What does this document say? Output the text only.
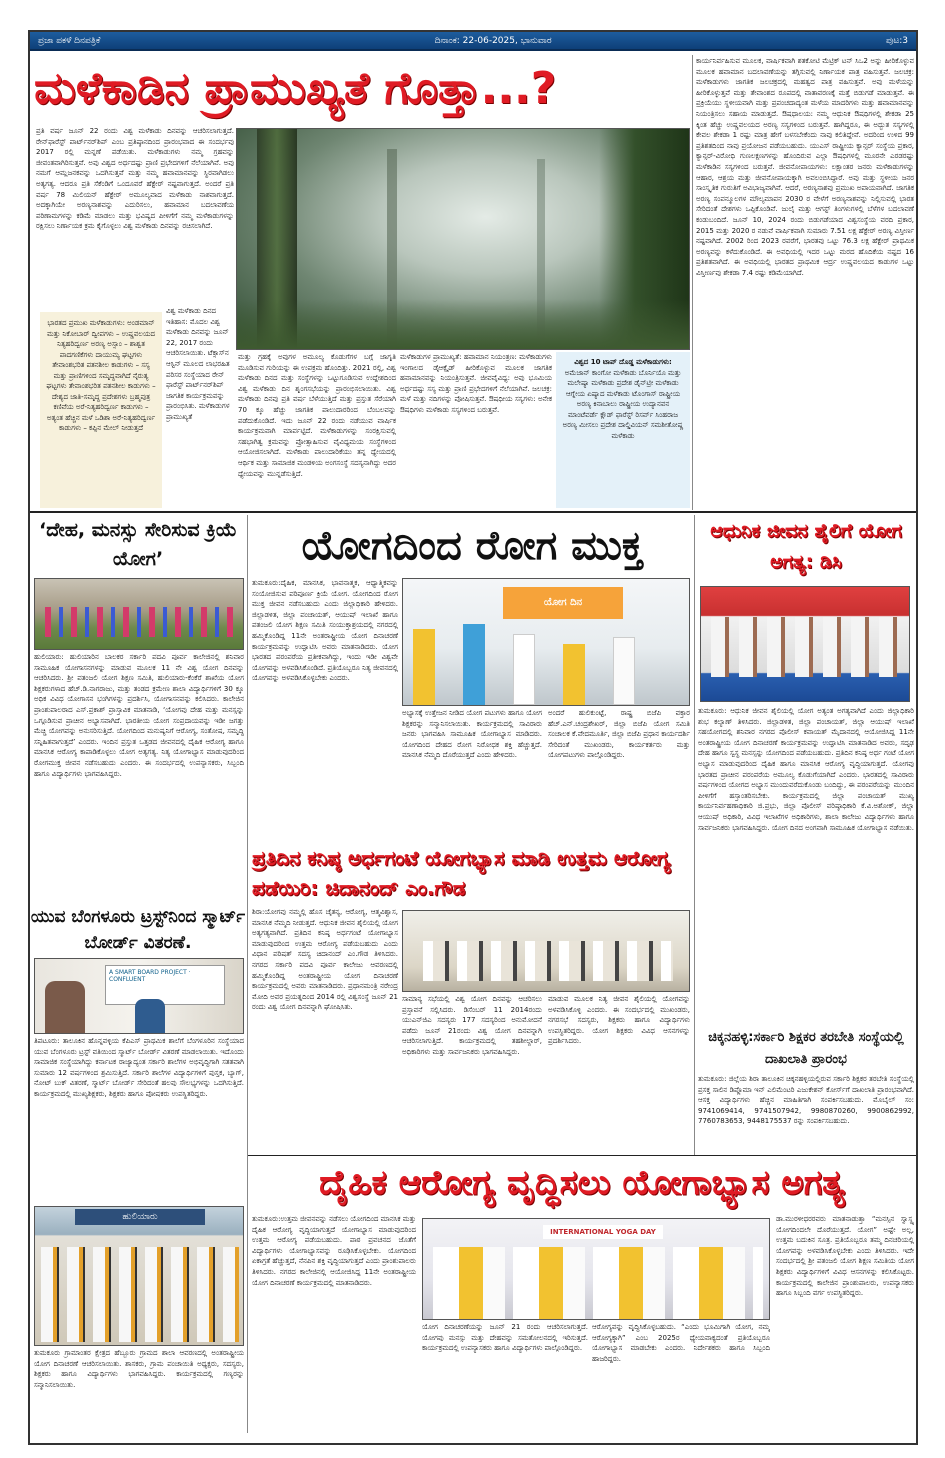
ಪ್ರಜಾ ಪಕಳೆ ದಿನಪತ್ರಿಕೆ	ದಿನಾಂಕ: 22-06-2025, ಭಾನುವಾರ	ಪುಟ:3
ಮಳೆಕಾಡಿನ ಪ್ರಾಮುಖ್ಯತೆ ಗೊತ್ತಾ...?
ಪ್ರತಿ ವರ್ಷ ಜೂನ್ 22 ರಂದು ವಿಶ್ವ ಮಳೆಕಾಡು ದಿನವನ್ನು ಆಚರಿಸಲಾಗುತ್ತದೆ. ರೇನ್‌ಫಾರೆಸ್ಟ್ ಪಾರ್ಟ್‌ನರ್‌ಶಿಪ್ ಎಂಬ ಪ್ರತಿಷ್ಠಾನದಿಂದ ಪ್ರಾರಂಭವಾದ ಈ ಸಂದರ್ಭವು 2017 ರಲ್ಲಿ ಮನ್ನಣೆ ಪಡೆಯಿತು. ಮಳೆಕಾಡುಗಳು ನಮ್ಮ ಗ್ರಹವನ್ನು ಜೀವಂತವಾಗಿರಿಸುತ್ತವೆ. ಅವು ವಿಶ್ವದ ಅರ್ಧದಷ್ಟು ಪ್ರಾಣಿ ಪ್ರಭೇದಗಳಿಗೆ ನೆಲೆಯಾಗಿವೆ. ಅವು ನಮಗೆ ಆಮ್ಲಜನಕವನ್ನು ಒದಗಿಸುತ್ತವೆ ಮತ್ತು ನಮ್ಮ ಹವಾಮಾನವನ್ನು ಸ್ಥಿರವಾಗಿಡಲು ಅತ್ಯಗತ್ಯ. ಆದರೂ ಪ್ರತಿ ಸೆಕೆಂಡಿಗೆ ಒಂದೂವರೆ ಹೆಕ್ಟೇರ್ ನಷ್ಟವಾಗುತ್ತದೆ. ಅಂದರೆ ಪ್ರತಿ ವರ್ಷ 78 ಮಿಲಿಯನ್ ಹೆಕ್ಟೇರ್ ಅಮೂಲ್ಯವಾದ ಮಳೆಕಾಡು ನಾಶವಾಗುತ್ತದೆ. ಅದಕ್ಕಾಗಿಯೇ ಅರಣ್ಯನಾಶವನ್ನು ಎದುರಿಸಲು, ಹವಾಮಾನ ಬದಲಾವಣೆಯ ಪರಿಣಾಮಗಳನ್ನು ಕಡಿಮೆ ಮಾಡಲು ಮತ್ತು ಭವಿಷ್ಯದ ಪೀಳಿಗೆಗೆ ನಮ್ಮ ಮಳೆಕಾಡುಗಳನ್ನು ರಕ್ಷಿಸಲು ನಿರ್ಣಾಯಕ ಕ್ರಮ ಕೈಗೊಳ್ಳಲು ವಿಶ್ವ ಮಳೆಕಾಡು ದಿನವನ್ನು ರಚಿಸಲಾಗಿದೆ.
ಭಾರತದ ಪ್ರಮುಖ ಮಳೆಕಾಡುಗಳು: ಅಂಡಮಾನ್ ಮತ್ತು ನಿಕೋಬಾರ್ ದ್ವೀಪಗಳು – ಉಷ್ಣವಲಯದ ನಿತ್ಯಹರಿದ್ವರ್ಣ ಅರಣ್ಯ ಅಸ್ಸಾಂ – ಶಾಶ್ವತ ಪಾದಗಣಿಕೆಗಳು ದಾಯುಮ್ಯ ಘಟ್ಟಗಳು ತೇವಾಂಶಭರಿತ ಪತನಶೀಲ ಕಾಡುಗಳು – ಸಸ್ಯ ಮತ್ತು ಪ್ರಾಣಿಗಳಿಂದ ಸಮೃದ್ಧವಾಗಿದೆ ನೈರುತ್ಯ ಘಟ್ಟಗಳು ತೇವಾಂಶಭರಿತ ಪತನಶೀಲ ಕಾಡುಗಳು – ದೇಶ್ಯದ ಜಾತಿ-ಸಮೃದ್ಧ ಪ್ರದೇಶಗಳು ಬ್ರಹ್ಮಪುತ್ರ ಕಣಿವೆಯ ಅರೆ-ನಿತ್ಯಹರಿದ್ವರ್ಣ ಕಾಡುಗಳು – ಅತ್ಯಂತ ಹೆಚ್ಚಿನ ಮಳೆ ಒಡಿಶಾ ಅರೆ-ನಿತ್ಯಹರಿದ್ವರ್ಣ ಕಾಡುಗಳು – ಕಪ್ಪಿನ ಮೇಲ್ ನೀಡುತ್ತದೆ
ವಿಶ್ವ ಮಳೆಕಾಡು ದಿನದ ಇತಿಹಾಸ: ಮೊದಲ ವಿಶ್ವ ಮಳೆಕಾಡು ದಿನವನ್ನು ಜೂನ್ 22, 2017 ರಂದು ಆಚರಿಸಲಾಯಿತು. ಟೆಕ್ಸಾಸ್‌ನ ಆಸ್ಟಿನ್ ಮೂಲದ ಲಾಭರಹಿತ ಪರಿಸರ ಸಂಸ್ಥೆಯಾದ ರೇನ್ ಫಾರೆಸ್ಟ್ ಪಾರ್ಟ್‌ನರ್‌ಶಿಪ್ ಜಾಗತಿಕ ಕಾರ್ಯಕ್ರಮವನ್ನು ಪ್ರಾರಂಭಿಸಿತು. ಮಳೆಕಾಡುಗಳ ಪ್ರಾಮುಖ್ಯತೆ
ಮತ್ತು ಗ್ರಹಕ್ಕೆ ಅವುಗಳ ಅಮೂಲ್ಯ ಕೊಡುಗೆಗಳ ಬಗ್ಗೆ ಜಾಗೃತಿ ಮೂಡಿಸುವ ಗುರಿಯನ್ನು ಈ ಉಪಕ್ರಮ ಹೊಂದಿತ್ತು. 2021 ರಲ್ಲಿ, ವಿಶ್ವ ಮಳೆಕಾಡು ದಿನದ ಮತ್ತು ಸಂಸ್ಥೆಗಳನ್ನು ಒಟ್ಟುಗೂಡಿಸುವ ಉದ್ದೇಶದಿಂದ ವಿಶ್ವ ಮಳೆಕಾಡು ದಿನ ಶೃಂಗಸಭೆಯನ್ನು ಪ್ರಾರಂಭಿಸಲಾಯಿತು. ವಿಶ್ವ ಮಳೆಕಾಡು ದಿನವು ಪ್ರತಿ ವರ್ಷ ಬೆಳೆಯುತ್ತಿದೆ ಮತ್ತು ಪ್ರಸ್ತುತ ಸೆರೆಯಾಗಿ 70 ಕ್ಕೂ ಹೆಚ್ಚು ಜಾಗತಿಕ ಪಾಲುದಾರರಿಂದ ಬೆಂಬಲವನ್ನು ಪಡೆದುಕೊಂಡಿದೆ. ಇದು ಜೂನ್ 22 ರಂದು ನಡೆಯುವ ವಾರ್ಷಿಕ ಕಾರ್ಯಕ್ರಮವಾಗಿ ಮಾರ್ಪಟ್ಟಿದೆ. ಮಳೆಕಾಡುಗಳನ್ನು ಸಂರಕ್ಷಿಸುವಲ್ಲಿ ಸಹಭಾಗಿತ್ವ ಕ್ರಮವನ್ನು ಪ್ರೋತ್ಸಾಹಿಸುವ ವೈವಿಧ್ಯಮಯ ಸಂಸ್ಥೆಗಳಿಂದ ಆಯೋಜಿಸಲಾಗಿದೆ. ಮಳೆಕಾಡು ಪಾಲುದಾರಿಕೆಯು ತನ್ನ ಧ್ಯೇಯದಲ್ಲಿ ಆರ್ಥಿಕ ಮತ್ತು ಸಾಮಾಜಿಕ ಮಂಡಳಿಯ ಅಂಗಸಂಸ್ಥೆ ಸದಸ್ಯನಾಗಿದ್ದು ಅದರ ಧ್ಯೇಯವನ್ನು ಮುನ್ನಡೆಸುತ್ತಿದೆ.
ಮಳೆಕಾಡುಗಳ ಪ್ರಾಮುಖ್ಯತೆ: ಹವಾಮಾನ ನಿಯಂತ್ರಣ: ಮಳೆಕಾಡುಗಳು ಇಂಗಾಲದ ಡೈಆಕ್ಸೈಡ್ ಹೀರಿಕೊಳ್ಳುವ ಮೂಲಕ ಜಾಗತಿಕ ಹವಾಮಾನವನ್ನು ನಿಯಂತ್ರಿಸುತ್ತವೆ. ಜೀವವೈವಿಧ್ಯ: ಅವು ಭೂಮಿಯ ಅರ್ಧದಷ್ಟು ಸಸ್ಯ ಮತ್ತು ಪ್ರಾಣಿ ಪ್ರಭೇದಗಳಿಗೆ ನೆಲೆಯಾಗಿವೆ. ಜಲಚಕ್ರ: ಮಳೆ ಮತ್ತು ನದಿಗಳನ್ನು ಪೋಷಿಸುತ್ತವೆ. ಔಷಧೀಯ ಸಸ್ಯಗಳು: ಅನೇಕ ಔಷಧಿಗಳು ಮಳೆಕಾಡು ಸಸ್ಯಗಳಿಂದ ಬರುತ್ತವೆ.
ವಿಶ್ವದ 10 ಟಾಪ್ ದೊಡ್ಡ ಮಳೆಕಾಡುಗಳು:
ಅಮೆಜಾನ್ ಕಾಂಗೋ ಮಳೆಕಾಡು ಬೊರ್ನಿಯೊ ಮತ್ತು ಮಲೇಷ್ಯಾ ಮಳೆಕಾಡು ಪ್ರದೇಶ ಡೈನ್‌ಟ್ರೀ ಮಳೆಕಾಡು ಆಗ್ನೇಯ ಏಷ್ಯಾದ ಮಳೆಕಾಡು ಟೊಂಗಾಸ್ ರಾಷ್ಟ್ರೀಯ ಅರಣ್ಯ ಕಿನಾಬಾಲು ರಾಷ್ಟ್ರೀಯ ಉದ್ಯಾನವನ ಮಾಂಟೆವರ್ಡೆ ಕ್ಲೌಡ್ ಫಾರೆಸ್ಟ್ ರಿಸರ್ವ್ ಸಿಂಹರಾಜ ಅರಣ್ಯ ಮೀಸಲು ಪ್ರದೇಶ ದಾಲ್ಡಿವಿಯನ್ ಸಮಶೀತೋಷ್ಣ ಮಳೆಕಾಡು
ಕಾರ್ಯನಿರ್ವಹಿಸುವ ಮೂಲಕ, ವಾರ್ಷಿಕವಾಗಿ ಶತಕೋಟಿ ಮೆಟ್ರಿಕ್ ಟನ್ ಸಿಒ2 ಅನ್ನು ಹೀರಿಕೊಳ್ಳುವ ಮೂಲಕ ಹವಾಮಾನ ಬದಲಾವಣೆಯನ್ನು ತಗ್ಗಿಸುವಲ್ಲಿ ನಿರ್ಣಾಯಕ ಪಾತ್ರ ವಹಿಸುತ್ತವೆ. ಜಲಚಕ್ರ: ಮಳೆಕಾಡುಗಳು ಜಾಗತಿಕ ಜಲಚಕ್ರದಲ್ಲಿ ಮಹತ್ವದ ಪಾತ್ರ ವಹಿಸುತ್ತವೆ. ಅವು ಮಳೆಯನ್ನು ಹೀರಿಕೊಳ್ಳುತ್ತವೆ ಮತ್ತು ತೇವಾಂಶದ ರೂಪದಲ್ಲಿ ವಾತಾವರಣಕ್ಕೆ ಮತ್ತೆ ಬಿಡುಗಡೆ ಮಾಡುತ್ತವೆ. ಈ ಪ್ರಕ್ರಿಯೆಯು ಸ್ಥಳೀಯವಾಗಿ ಮತ್ತು ಪ್ರಪಂಚದಾದ್ಯಂತ ಮಳೆಯ ಮಾದರಿಗಳು ಮತ್ತು ಹವಾಮಾನವನ್ನು ನಿಯಂತ್ರಿಸಲು ಸಹಾಯ ಮಾಡುತ್ತದೆ. ಔಷಧಾಲಯ: ನಮ್ಮ ಆಧುನಿಕ ಔಷಧಿಗಳಲ್ಲಿ ಶೇಕಡಾ 25 ಕ್ಕಿಂತ ಹೆಚ್ಚು ಉಷ್ಣವಲಯದ ಅರಣ್ಯ ಸಸ್ಯಗಳಿಂದ ಬರುತ್ತವೆ. ಹಾಗಿದ್ದರೂ, ಈ ಅದ್ಭುತ ಸಸ್ಯಗಳಲ್ಲಿ ಕೇವಲ ಶೇಕಡಾ 1 ರಷ್ಟು ಮಾತ್ರ ಹೇಗೆ ಬಳಸಬೇಕೆಂದು ನಾವು ಕಲಿತಿದ್ದೇವೆ. ಅದರಿಂದ ಉಳಿದ 99 ಪ್ರತಿಶತದಿಂದ ನಾವು ಪ್ರಯೋಜನ ಪಡೆಯಬಹುದು. ಯುಎಸ್ ರಾಷ್ಟ್ರೀಯ ಕ್ಯಾನ್ಸರ್ ಸಂಸ್ಥೆಯ ಪ್ರಕಾರ, ಕ್ಯಾನ್ಸರ್-ವಿರೋಧಿ ಗುಣಲಕ್ಷಣಗಳನ್ನು ಹೊಂದಿರುವ ಎಲ್ಲಾ ಔಷಧಿಗಳಲ್ಲಿ ಮೂರನೇ ಎರಡರಷ್ಟು ಮಳೆಕಾಡಿನ ಸಸ್ಯಗಳಿಂದ ಬರುತ್ತವೆ. ಜೀವನೋಪಾಯಗಳು: ಲಕ್ಷಾಂತರ ಜನರು ಮಳೆಕಾಡುಗಳನ್ನು ಆಹಾರ, ಆಶ್ರಯ ಮತ್ತು ಜೀವನೋಪಾಯಕ್ಕಾಗಿ ಅವಲಂಬಿಸಿದ್ದಾರೆ. ಅವು ಮತ್ತು ಸ್ಥಳೀಯ ಜನರ ಸಾಂಸ್ಕೃತಿಕ ಗುರುತಿಗೆ ಅವಿಭಾಜ್ಯವಾಗಿವೆ. ಆದರೆ, ಅರಣ್ಯನಾಶವು ಪ್ರಮುಖ ಅಪಾಯವಾಗಿದೆ. ಜಾಗತಿಕ ಅರಣ್ಯ ಸಂಪನ್ಮೂಲಗಳ ಮೌಲ್ಯಮಾಪನ 2030 ರ ವೇಳೆಗೆ ಅರಣ್ಯನಾಶವನ್ನು ನಿಲ್ಲಿಸುವಲ್ಲಿ ಭಾರತ ಸೇರಿದಂತೆ ದೇಶಗಳು ಒಪ್ಪಿಕೊಂಡಿವೆ. ಜುಲೈ ಮತ್ತು ಆಗಸ್ಟ್ ತಿಂಗಳುಗಳಲ್ಲಿ ಬೆಳೆಗಳ ಬದಲಾವಣೆ ಕಂಡುಬಂದಿದೆ. ಜೂನ್ 10, 2024 ರಂದು ಬಿಡುಗಡೆಯಾದ ವಿಶ್ವಸಂಸ್ಥೆಯ ವರದಿ ಪ್ರಕಾರ, 2015 ಮತ್ತು 2020 ರ ನಡುವೆ ವಾರ್ಷಿಕವಾಗಿ ಸುಮಾರು 7.51 ಲಕ್ಷ ಹೆಕ್ಟೇರ್ ಅರಣ್ಯ ವಿಸ್ತೀರ್ಣ ನಷ್ಟವಾಗಿದೆ. 2002 ರಿಂದ 2023 ರವರೆಗೆ, ಭಾರತವು ಒಟ್ಟು 76.3 ಲಕ್ಷ ಹೆಕ್ಟೇರ್ ಪ್ರಾಥಮಿಕ ಅರಣ್ಯವನ್ನು ಕಳೆದುಕೊಂಡಿದೆ. ಈ ಅವಧಿಯಲ್ಲಿ ಇದರ ಒಟ್ಟು ಮರದ ಹೊದಿಕೆಯ ನಷ್ಟದ 16 ಪ್ರತಿಶತವಾಗಿದೆ. ಈ ಅವಧಿಯಲ್ಲಿ ಭಾರತದ ಪ್ರಾಥಮಿಕ ಆರ್ದ್ರ ಉಷ್ಣವಲಯದ ಕಾಡುಗಳ ಒಟ್ಟು ವಿಸ್ತೀರ್ಣವು ಶೇಕಡಾ 7.4 ರಷ್ಟು ಕಡಿಮೆಯಾಗಿದೆ.
‘ದೇಹ, ಮನಸ್ಸು ಸೇರಿಸುವ ಕ್ರಿಯೆ ಯೋಗ’
ಹುಲಿಯಾರು: ಹುಲಿಯಾರಿನ ಬಾಲಕರ ಸರ್ಕಾರಿ ಪದವಿ ಪೂರ್ವ ಕಾಲೇಜಿನಲ್ಲಿ ಶನಿವಾರ ಸಾಮೂಹಿಕ ಯೋಗಾಸನಗಳನ್ನು ಮಾಡುವ ಮೂಲಕ 11 ನೇ ವಿಶ್ವ ಯೋಗ ದಿನವನ್ನು ಆಚರಿಸಿದರು. ಶ್ರೀ ಪತಂಜಲಿ ಯೋಗ ಶಿಕ್ಷಣ ಸಮಿತಿ, ಹುಲಿಯಾರು-ಕೆಂಕೆರೆ ಶಾಖೆಯ ಯೋಗ ಶಿಕ್ಷಕರುಗಳಾದ ಹೆಚ್.ಡಿ.ನಾಗರಾಜು, ಮತ್ತು ತಂಡದ ಕ್ರಮೇಣ ಶಾಲಾ ವಿದ್ಯಾರ್ಥಿಗಳಿಗೆ 30 ಕ್ಕೂ ಅಧಿಕ ವಿವಿಧ ಯೋಗಾಸನ ಭಂಗಿಗಳನ್ನು ಪ್ರದರ್ಶಿಸಿ, ಯೋಗಾಸನವನ್ನು ಕಲಿಸಿದರು. ಕಾಲೇಜಿನ ಪ್ರಾಂಶುಪಾಲರಾದ ಎಸ್.ಪ್ರಕಾಶ್ ಪ್ರಾಸ್ತಾವಿಕ ಮಾತನಾಡಿ, ‘ಯೋಗವು ದೇಹ ಮತ್ತು ಮನಸ್ಸನ್ನು ಒಗ್ಗೂಡಿಸುವ ಪ್ರಾಚೀನ ಅಭ್ಯಾಸವಾಗಿದೆ. ಭಾರತೀಯ ಯೋಗ ಸಂಪ್ರದಾಯವನ್ನು ಇಡೀ ಜಗತ್ತು ಮೆಚ್ಚಿ ಯೋಗವನ್ನು ಅನುಸರಿಸುತ್ತಿದೆ. ಯೋಗದಿಂದ ಮನುಷ್ಯನಿಗೆ ಆರೋಗ್ಯ, ಸಂತೋಷ, ಸಮೃದ್ಧಿ ಸನ್ನಿಹಿತವಾಗುತ್ತದೆ’ ಎಂದರು. ಇಂದಿನ ಪ್ರಸ್ತುತ ಒತ್ತಡದ ಜೀವನದಲ್ಲಿ ದೈಹಿಕ ಆರೋಗ್ಯ ಹಾಗೂ ಮಾನಸಿಕ ಆರೋಗ್ಯ ಕಾಪಾಡಿಕೊಳ್ಳಲು ಯೋಗ ಅತ್ಯಗತ್ಯ. ನಿತ್ಯ ಯೋಗಾಭ್ಯಾಸ ಮಾಡುವುದರಿಂದ ರೋಗಮುಕ್ತ ಜೀವನ ನಡೆಸಬಹುದು ಎಂದರು. ಈ ಸಂದರ್ಭದಲ್ಲಿ ಉಪನ್ಯಾಸಕರು, ಸಿಬ್ಬಂದಿ ಹಾಗೂ ವಿದ್ಯಾರ್ಥಿಗಳು ಭಾಗವಹಿಸಿದ್ದರು.
ಯುವ ಬೆಂಗಳೂರು ಟ್ರಸ್ಟ್‌ನಿಂದ ಸ್ಮಾರ್ಟ್ ಬೋರ್ಡ್ ವಿತರಣೆ.
A SMART BOARD PROJECT · CONFLUENT
ತಿಪಟೂರು: ತಾಲೂಕಿನ ಹೊನ್ನವಳ್ಳಿಯ ಕೆಪಿಎಸ್ ಪ್ರಾಥಮಿಕ ಶಾಲೆಗೆ ಬೆಂಗಳೂರಿನ ಸಂಸ್ಥೆಯಾದ ಯುವ ಬೆಂಗಳೂರು ಟ್ರಸ್ಟ್ ವತಿಯಿಂದ ಸ್ಮಾರ್ಟ್ ಬೋರ್ಡ್ ವಿತರಣೆ ಮಾಡಲಾಯಿತು. ಇದೊಂದು ಸಾಮಾಜಿಕ ಸಂಸ್ಥೆಯಾಗಿದ್ದು ಕರ್ನಾಟಕ ರಾಜ್ಯಾದ್ಯಂತ ಸರ್ಕಾರಿ ಶಾಲೆಗಳ ಅಭಿವೃದ್ಧಿಗಾಗಿ ಸತತವಾಗಿ ಸುಮಾರು 12 ವರ್ಷಗಳಿಂದ ಶ್ರಮಿಸುತ್ತಿದೆ. ಸರ್ಕಾರಿ ಶಾಲೆಗಳ ವಿದ್ಯಾರ್ಥಿಗಳಿಗೆ ಪುಸ್ತಕ, ಬ್ಯಾಗ್, ನೋಟ್ ಬುಕ್ ವಿತರಣೆ, ಸ್ಮಾರ್ಟ್ ಬೋರ್ಡ್ ಸೇರಿದಂತೆ ಹಲವು ಸೌಲಭ್ಯಗಳನ್ನು ಒದಗಿಸುತ್ತಿದೆ. ಕಾರ್ಯಕ್ರಮದಲ್ಲಿ ಮುಖ್ಯಶಿಕ್ಷಕರು, ಶಿಕ್ಷಕರು ಹಾಗೂ ಪೋಷಕರು ಉಪಸ್ಥಿತರಿದ್ದರು.
ಯೋಗದಿಂದ ರೋಗ ಮುಕ್ತ
ತುಮಕೂರು:ದೈಹಿಕ, ಮಾನಸಿಕ, ಭಾವನಾತ್ಮಕ, ಆಧ್ಯಾತ್ಮಿಕವನ್ನು ಸಂಯೋಜಿಸುವ ಪರಿಪೂರ್ಣ ಕ್ರಿಯೆ ಯೋಗ. ಯೋಗದಿಂದ ರೋಗ ಮುಕ್ತ ಜೀವನ ನಡೆಸಬಹುದು ಎಂದು ಜಿಲ್ಲಾಧಿಕಾರಿ ಹೇಳಿದರು. ಜಿಲ್ಲಾಡಳಿತ, ಜಿಲ್ಲಾ ಪಂಚಾಯತ್, ಆಯುಷ್ ಇಲಾಖೆ ಹಾಗೂ ಪತಂಜಲಿ ಯೋಗ ಶಿಕ್ಷಣ ಸಮಿತಿ ಸಂಯುಕ್ತಾಶ್ರಯದಲ್ಲಿ ನಗರದಲ್ಲಿ ಹಮ್ಮಿಕೊಂಡಿದ್ದ 11ನೇ ಅಂತರಾಷ್ಟ್ರೀಯ ಯೋಗ ದಿನಾಚರಣೆ ಕಾರ್ಯಕ್ರಮವನ್ನು ಉದ್ಘಾಟಿಸಿ ಅವರು ಮಾತನಾಡಿದರು. ಯೋಗ ಭಾರತದ ಪರಂಪರೆಯ ಪ್ರತೀಕವಾಗಿದ್ದು, ಇಂದು ಇಡೀ ವಿಶ್ವವೇ ಯೋಗವನ್ನು ಅಳವಡಿಸಿಕೊಂಡಿದೆ. ಪ್ರತಿಯೊಬ್ಬರೂ ನಿತ್ಯ ಜೀವನದಲ್ಲಿ ಯೋಗವನ್ನು ಅಳವಡಿಸಿಕೊಳ್ಳಬೇಕು ಎಂದರು.
ಯೋಗ ದಿನ
ಅಭ್ಯಾಸಕ್ಕೆ ಉತ್ತೇಜನ ನೀಡಿದ ಯೋಗ ಪಟುಗಳು ಹಾಗೂ ಯೋಗ ಶಿಕ್ಷಕರನ್ನು ಸನ್ಮಾನಿಸಲಾಯಿತು. ಕಾರ್ಯಕ್ರಮದಲ್ಲಿ ಸಾವಿರಾರು ಜನರು ಭಾಗವಹಿಸಿ ಸಾಮೂಹಿಕ ಯೋಗಾಭ್ಯಾಸ ಮಾಡಿದರು. ಯೋಗದಿಂದ ದೇಹದ ರೋಗ ನಿರೋಧಕ ಶಕ್ತಿ ಹೆಚ್ಚುತ್ತದೆ. ಮಾನಸಿಕ ನೆಮ್ಮದಿ ದೊರೆಯುತ್ತದೆ ಎಂದು ಹೇಳಿದರು.
ಅಂದರೆ ಹುಲಿಕುಂಟ್ಟೆ, ರಾಷ್ಟ್ರ ಬಿಜೆಪಿ ವಕ್ತಾರ ಹೆಚ್.ಎನ್.ಚಂದ್ರಶೇಖರ್, ಜಿಲ್ಲಾ ಬಿಜೆಪಿ ಯೋಗ ಸಮಿತಿ ಸಂಚಾಲಕ ಕೆ.ವೇದಮೂರ್ತಿ, ಜಿಲ್ಲಾ ಬಿಜೆಪಿ ಪ್ರಧಾನ ಕಾರ್ಯದರ್ಶಿ ಸೇರಿದಂತೆ ಮುಖಂಡರು, ಕಾರ್ಯಕರ್ತರು ಮತ್ತು ಯೋಗಪಟುಗಳು ಪಾಲ್ಗೊಂಡಿದ್ದರು.
ಪ್ರತಿದಿನ ಕನಿಷ್ಠ ಅರ್ಧಗಂಟೆ ಯೋಗಭ್ಯಾಸ ಮಾಡಿ ಉತ್ತಮ ಆರೋಗ್ಯ ಪಡೆಯಿರಿ: ಚಿದಾನಂದ್ ಎಂ.ಗೌಡ
ಶಿರಾ:ಯೋಗವು ನಮ್ಮಲ್ಲಿ ಹೊಸ ಚೈತನ್ಯ, ಆರೋಗ್ಯ, ಆತ್ಮವಿಶ್ವಾಸ, ಮಾನಸಿಕ ನೆಮ್ಮದಿ ನೀಡುತ್ತದೆ. ಆಧುನಿಕ ಜೀವನ ಶೈಲಿಯಲ್ಲಿ ಯೋಗ ಅತ್ಯಗತ್ಯವಾಗಿದೆ. ಪ್ರತಿದಿನ ಕನಿಷ್ಠ ಅರ್ಧಗಂಟೆ ಯೋಗಾಭ್ಯಾಸ ಮಾಡುವುದರಿಂದ ಉತ್ತಮ ಆರೋಗ್ಯ ಪಡೆಯಬಹುದು ಎಂದು ವಿಧಾನ ಪರಿಷತ್ ಸದಸ್ಯ ಚಿದಾನಂದ್ ಎಂ.ಗೌಡ ತಿಳಿಸಿದರು. ನಗರದ ಸರ್ಕಾರಿ ಪದವಿ ಪೂರ್ವ ಕಾಲೇಜು ಆವರಣದಲ್ಲಿ ಹಮ್ಮಿಕೊಂಡಿದ್ದ ಅಂತರಾಷ್ಟ್ರೀಯ ಯೋಗ ದಿನಾಚರಣೆ ಕಾರ್ಯಕ್ರಮದಲ್ಲಿ ಅವರು ಮಾತನಾಡಿದರು. ಪ್ರಧಾನಮಂತ್ರಿ ನರೇಂದ್ರ ಮೋದಿ ಅವರ ಪ್ರಯತ್ನದಿಂದ 2014 ರಲ್ಲಿ ವಿಶ್ವಸಂಸ್ಥೆ ಜೂನ್ 21 ರಂದು ವಿಶ್ವ ಯೋಗ ದಿನವನ್ನಾಗಿ ಘೋಷಿಸಿತು.
ಸಾಮಾನ್ಯ ಸಭೆಯಲ್ಲಿ ವಿಶ್ವ ಯೋಗ ದಿನವನ್ನು ಆಚರಿಸಲು ಪ್ರಸ್ತಾವನೆ ಸಲ್ಲಿಸಿದರು. ಡಿಸೆಂಬರ್ 11 2014ರಂದು ಯುಎನ್‌ಜಿಎ ಸದಸ್ಯರು 177 ಸದಸ್ಯರಿಂದ ಅನುಮೋದನೆ ಪಡೆದು ಜೂನ್ 21ರಂದು ವಿಶ್ವ ಯೋಗ ದಿನವನ್ನಾಗಿ ಆಚರಿಸಲಾಗುತ್ತಿದೆ. ಕಾರ್ಯಕ್ರಮದಲ್ಲಿ ತಹಶೀಲ್ದಾರ್, ಅಧಿಕಾರಿಗಳು ಮತ್ತು ಸಾರ್ವಜನಿಕರು ಭಾಗವಹಿಸಿದ್ದರು.
ಮಾಡುವ ಮೂಲಕ ನಿತ್ಯ ಜೀವನ ಶೈಲಿಯಲ್ಲಿ ಯೋಗವನ್ನು ಅಳವಡಿಸಿಕೊಳ್ಳಿ ಎಂದರು. ಈ ಸಂದರ್ಭದಲ್ಲಿ ಮುಖಂಡರು, ನಗರಸಭೆ ಸದಸ್ಯರು, ಶಿಕ್ಷಕರು ಹಾಗೂ ವಿದ್ಯಾರ್ಥಿಗಳು ಉಪಸ್ಥಿತರಿದ್ದರು. ಯೋಗ ಶಿಕ್ಷಕರು ವಿವಿಧ ಆಸನಗಳನ್ನು ಪ್ರದರ್ಶಿಸಿದರು.
ಆಧುನಿಕ ಜೀವನ ಶೈಲಿಗೆ ಯೋಗ ಅಗತ್ಯ: ಡಿಸಿ
ತುಮಕೂರು: ಆಧುನಿಕ ಜೀವನ ಶೈಲಿಯಲ್ಲಿ ಯೋಗ ಅತ್ಯಂತ ಅಗತ್ಯವಾಗಿದೆ ಎಂದು ಜಿಲ್ಲಾಧಿಕಾರಿ ಶುಭ ಕಲ್ಯಾಣ್ ತಿಳಿಸಿದರು. ಜಿಲ್ಲಾಡಳಿತ, ಜಿಲ್ಲಾ ಪಂಚಾಯತ್, ಜಿಲ್ಲಾ ಆಯುಷ್ ಇಲಾಖೆ ಸಹಯೋಗದಲ್ಲಿ ಶನಿವಾರ ನಗರದ ಪೊಲೀಸ್ ಕವಾಯತ್ ಮೈದಾನದಲ್ಲಿ ಆಯೋಜಿಸಿದ್ದ 11ನೇ ಅಂತರಾಷ್ಟ್ರೀಯ ಯೋಗ ದಿನಾಚರಣೆ ಕಾರ್ಯಕ್ರಮವನ್ನು ಉದ್ಘಾಟಿಸಿ ಮಾತನಾಡಿದ ಅವರು, ಸದೃಢ ದೇಹ ಹಾಗೂ ಸ್ವಸ್ಥ ಮನಸ್ಸನ್ನು ಯೋಗದಿಂದ ಪಡೆಯಬಹುದು. ಪ್ರತಿದಿನ ಕನಿಷ್ಠ ಅರ್ಧ ಗಂಟೆ ಯೋಗ ಅಭ್ಯಾಸ ಮಾಡುವುದರಿಂದ ದೈಹಿಕ ಹಾಗೂ ಮಾನಸಿಕ ಆರೋಗ್ಯ ವೃದ್ಧಿಯಾಗುತ್ತದೆ. ಯೋಗವು ಭಾರತದ ಪ್ರಾಚೀನ ಪರಂಪರೆಯ ಅಮೂಲ್ಯ ಕೊಡುಗೆಯಾಗಿದೆ ಎಂದರು. ಭಾರತದಲ್ಲಿ ಸಾವಿರಾರು ವರ್ಷಗಳಿಂದ ಯೋಗದ ಅಭ್ಯಾಸ ಮುಂದುವರೆದುಕೊಂಡು ಬಂದಿದ್ದು, ಈ ಪರಂಪರೆಯನ್ನು ಮುಂದಿನ ಪೀಳಿಗೆಗೆ ಹಸ್ತಾಂತರಿಸಬೇಕು. ಕಾರ್ಯಕ್ರಮದಲ್ಲಿ ಜಿಲ್ಲಾ ಪಂಚಾಯತ್ ಮುಖ್ಯ ಕಾರ್ಯನಿರ್ವಹಣಾಧಿಕಾರಿ ಜಿ.ಪ್ರಭು, ಜಿಲ್ಲಾ ಪೊಲೀಸ್ ವರಿಷ್ಠಾಧಿಕಾರಿ ಕೆ.ವಿ.ಅಶೋಕ್, ಜಿಲ್ಲಾ ಆಯುಷ್ ಅಧಿಕಾರಿ, ವಿವಿಧ ಇಲಾಖೆಗಳ ಅಧಿಕಾರಿಗಳು, ಶಾಲಾ ಕಾಲೇಜು ವಿದ್ಯಾರ್ಥಿಗಳು ಹಾಗೂ ಸಾರ್ವಜನಿಕರು ಭಾಗವಹಿಸಿದ್ದರು. ಯೋಗ ದಿನದ ಅಂಗವಾಗಿ ಸಾಮೂಹಿಕ ಯೋಗಾಭ್ಯಾಸ ನಡೆಯಿತು.
ಚಿಕ್ಕನಹಳ್ಳಿ:ಸರ್ಕಾರಿ ಶಿಕ್ಷಕರ ತರಬೇತಿ ಸಂಸ್ಥೆಯಲ್ಲಿ ದಾಖಲಾತಿ ಪ್ರಾರಂಭ
ತುಮಕೂರು: ಜಿಲ್ಲೆಯ ಶಿರಾ ತಾಲೂಕಿನ ಚಿಕ್ಕನಹಳ್ಳಿಯಲ್ಲಿರುವ ಸರ್ಕಾರಿ ಶಿಕ್ಷಕರ ತರಬೇತಿ ಸಂಸ್ಥೆಯಲ್ಲಿ ಪ್ರಸಕ್ತ ಸಾಲಿನ ಡಿಪ್ಲೊಮಾ ಇನ್ ಎಲಿಮೆಂಟರಿ ಎಜುಕೇಶನ್ ಕೋರ್ಸ್‌ಗೆ ದಾಖಲಾತಿ ಪ್ರಾರಂಭವಾಗಿದೆ. ಆಸಕ್ತ ವಿದ್ಯಾರ್ಥಿಗಳು ಹೆಚ್ಚಿನ ಮಾಹಿತಿಗಾಗಿ ಸಂಪರ್ಕಿಸಬಹುದು. ಮೊಬೈಲ್ ಸಂ: 9741069414, 9741507942, 9980870260, 9900862992, 7760783653, 9448175537 ರನ್ನು ಸಂಪರ್ಕಿಸಬಹುದು.
ದೈಹಿಕ ಆರೋಗ್ಯ ವೃದ್ಧಿಸಲು ಯೋಗಾಭ್ಯಾಸ ಅಗತ್ಯ
ಹುಲಿಯಾರು
ತುಮಕೂರು ಗ್ರಾಮಾಂತರ ಕ್ಷೇತ್ರದ ಹೆಬ್ಬೂರು ಗ್ರಾಮದ ಶಾಲಾ ಆವರಣದಲ್ಲಿ ಅಂತರಾಷ್ಟ್ರೀಯ ಯೋಗ ದಿನಾಚರಣೆ ಆಚರಿಸಲಾಯಿತು. ಶಾಸಕರು, ಗ್ರಾಮ ಪಂಚಾಯಿತಿ ಅಧ್ಯಕ್ಷರು, ಸದಸ್ಯರು, ಶಿಕ್ಷಕರು ಹಾಗೂ ವಿದ್ಯಾರ್ಥಿಗಳು ಭಾಗವಹಿಸಿದ್ದರು. ಕಾರ್ಯಕ್ರಮದಲ್ಲಿ ಗಣ್ಯರನ್ನು ಸನ್ಮಾನಿಸಲಾಯಿತು.
ತುಮಕೂರು:ಉತ್ತಮ ಜೀವನವನ್ನು ನಡೆಸಲು ಯೋಗದಿಂದ ಮಾನಸಿಕ ಮತ್ತು ದೈಹಿಕ ಆರೋಗ್ಯ ವೃದ್ಧಿಯಾಗುತ್ತದೆ ಯೋಗಾಭ್ಯಾಸ ಮಾಡುವುದರಿಂದ ಉತ್ತಮ ಆರೋಗ್ಯ ಪಡೆಯಬಹುದು. ಪಾಠ ಪ್ರವಚನದ ಜೊತೆಗೆ ವಿದ್ಯಾರ್ಥಿಗಳು ಯೋಗಾಭ್ಯಾಸವನ್ನು ರೂಢಿಸಿಕೊಳ್ಳಬೇಕು. ಯೋಗದಿಂದ ಏಕಾಗ್ರತೆ ಹೆಚ್ಚುತ್ತದೆ, ನೆನಪಿನ ಶಕ್ತಿ ವೃದ್ಧಿಯಾಗುತ್ತದೆ ಎಂದು ಪ್ರಾಂಶುಪಾಲರು ತಿಳಿಸಿದರು. ನಗರದ ಕಾಲೇಜಿನಲ್ಲಿ ಆಯೋಜಿಸಿದ್ದ 11ನೇ ಅಂತರಾಷ್ಟ್ರೀಯ ಯೋಗ ದಿನಾಚರಣೆ ಕಾರ್ಯಕ್ರಮದಲ್ಲಿ ಮಾತನಾಡಿದರು.
INTERNATIONAL YOGA DAY
ಯೋಗ ದಿನಾಚರಣೆಯನ್ನು ಜೂನ್ 21 ರಂದು ಆಚರಿಸಲಾಗುತ್ತದೆ. ಯೋಗವು ಮನಸ್ಸು ಮತ್ತು ದೇಹವನ್ನು ಸಮತೋಲನದಲ್ಲಿ ಇರಿಸುತ್ತದೆ. ಕಾರ್ಯಕ್ರಮದಲ್ಲಿ ಉಪನ್ಯಾಸಕರು ಹಾಗೂ ವಿದ್ಯಾರ್ಥಿಗಳು ಪಾಲ್ಗೊಂಡಿದ್ದರು.
ಆರೋಗ್ಯವನ್ನು ವೃದ್ಧಿಸಿಕೊಳ್ಳಬಹುದು. “ಎಂದು ಭೂಮಿಗಾಗಿ ಯೋಗ, ನಮ್ಮ ಆರೋಗ್ಯಕ್ಕಾಗಿ” ಎಂಬ 2025ರ ಧ್ಯೇಯವಾಕ್ಯದಂತೆ ಪ್ರತಿಯೊಬ್ಬರೂ ಯೋಗಾಭ್ಯಾಸ ಮಾಡಬೇಕು ಎಂದರು. ನಿರ್ದೇಶಕರು ಹಾಗೂ ಸಿಬ್ಬಂದಿ ಹಾಜರಿದ್ದರು.
ಡಾ.ಮುರಳೀಧರರವರು ಮಾತನಾಡುತ್ತಾ “ಮನಸ್ಸಿನ ಸ್ವಾಸ್ಥ್ಯ ಯೋಗದಿಂದಲೇ ದೊರೆಯುತ್ತದೆ. ಯೋಗ” ಅಷ್ಟೇ ಅಲ್ಲ, ಉತ್ತಮ ಬದುಕಿನ ಸೂತ್ರ. ಪ್ರತಿಯೊಬ್ಬರೂ ತಮ್ಮ ದಿನಚರಿಯಲ್ಲಿ ಯೋಗವನ್ನು ಅಳವಡಿಸಿಕೊಳ್ಳಬೇಕು ಎಂದು ತಿಳಿಸಿದರು. ಇದೇ ಸಂದರ್ಭದಲ್ಲಿ ಶ್ರೀ ಪತಂಜಲಿ ಯೋಗ ಶಿಕ್ಷಣ ಸಮಿತಿಯ ಯೋಗ ಶಿಕ್ಷಕರು ವಿದ್ಯಾರ್ಥಿಗಳಿಗೆ ವಿವಿಧ ಆಸನಗಳನ್ನು ಕಲಿಸಿಕೊಟ್ಟರು. ಕಾರ್ಯಕ್ರಮದಲ್ಲಿ ಕಾಲೇಜಿನ ಪ್ರಾಂಶುಪಾಲರು, ಉಪನ್ಯಾಸಕರು ಹಾಗೂ ಸಿಬ್ಬಂದಿ ವರ್ಗ ಉಪಸ್ಥಿತರಿದ್ದರು.
